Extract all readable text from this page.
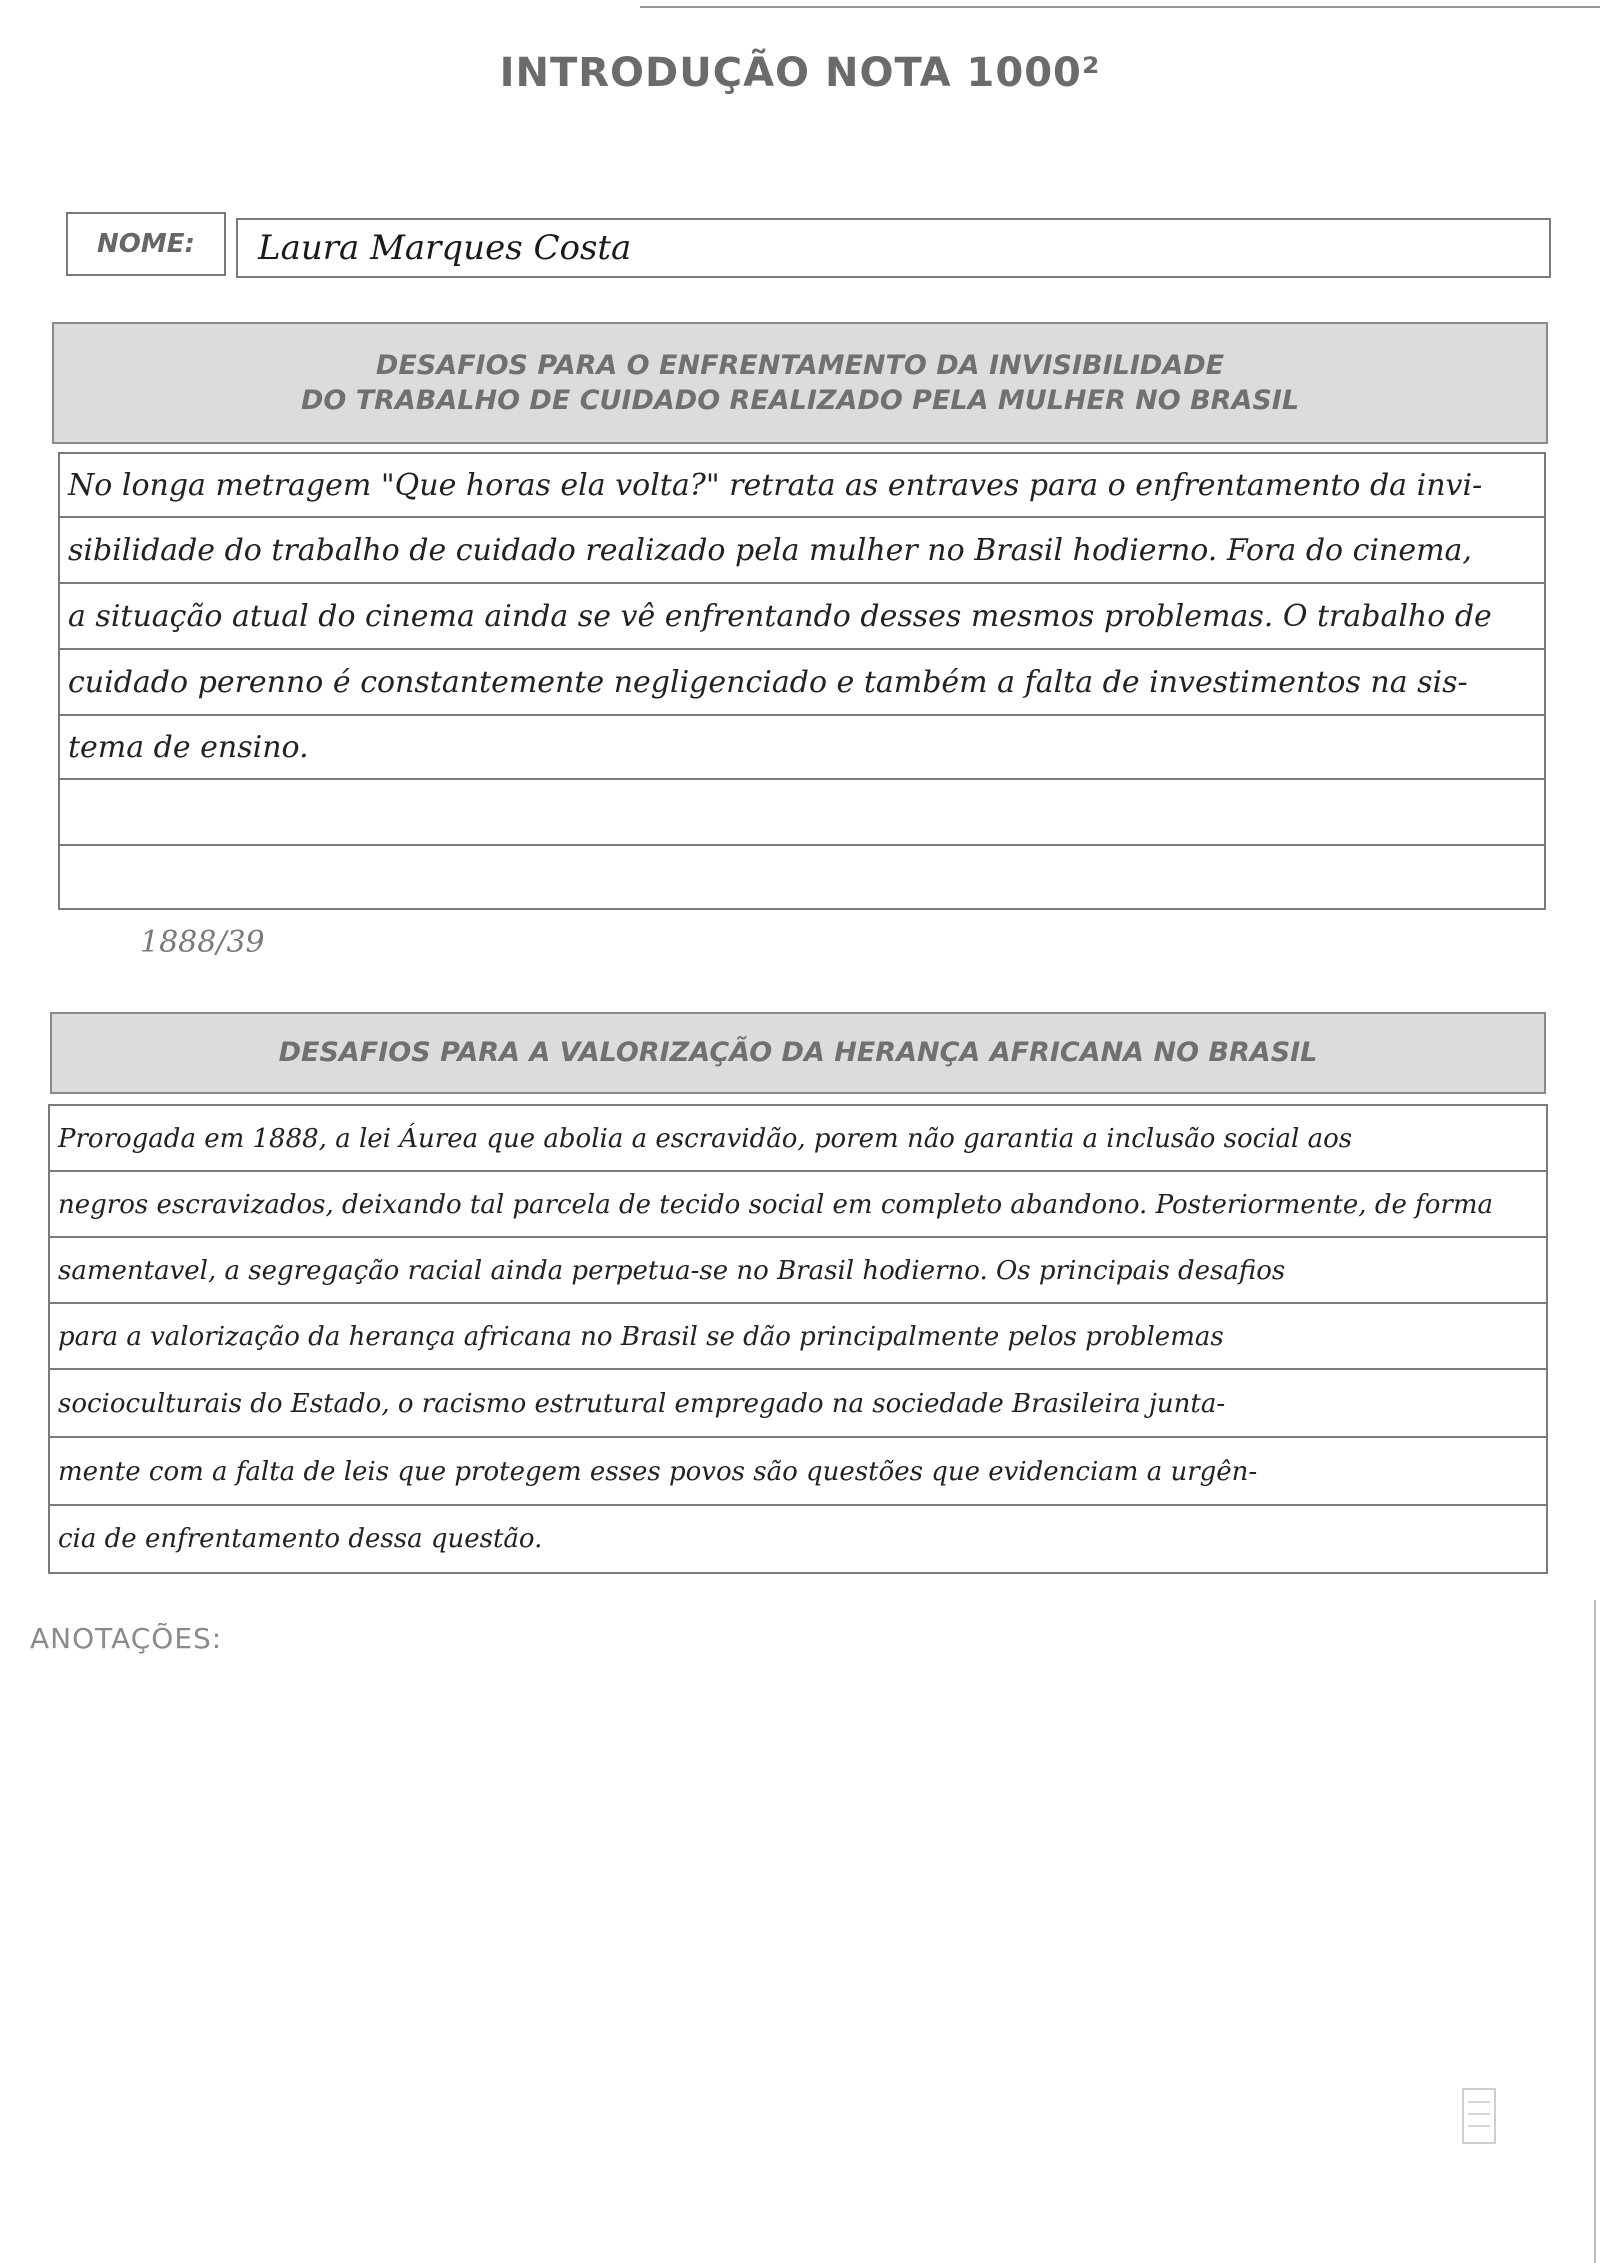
INTRODUÇÃO NOTA 1000²
NOME:	Laura Marques Costa
DESAFIOS PARA O ENFRENTAMENTO DA INVISIBILIDADE
DO TRABALHO DE CUIDADO REALIZADO PELA MULHER NO BRASIL
No longa metragem "Que horas ela volta?" retrata as entraves para o enfrentamento da invi-
sibilidade do trabalho de cuidado realizado pela mulher no Brasil hodierno. Fora do cinema,
a situação atual do cinema ainda se vê enfrentando desses mesmos problemas. O trabalho de
cuidado perenno é constantemente negligenciado e também a falta de investimentos na sis-
tema de ensino.
1888/39
DESAFIOS PARA A VALORIZAÇÃO DA HERANÇA AFRICANA NO BRASIL
Prorogada em 1888, a lei Áurea que abolia a escravidão, porem não garantia a inclusão social aos
negros escravizados, deixando tal parcela de tecido social em completo abandono. Posteriormente, de forma
samentavel, a segregação racial ainda perpetua-se no Brasil hodierno. Os principais desafios
para a valorização da herança africana no Brasil se dão principalmente pelos problemas
socioculturais do Estado, o racismo estrutural empregado na sociedade Brasileira junta-
mente com a falta de leis que protegem esses povos são questões que evidenciam a urgên-
cia de enfrentamento dessa questão.
ANOTAÇÕES:
